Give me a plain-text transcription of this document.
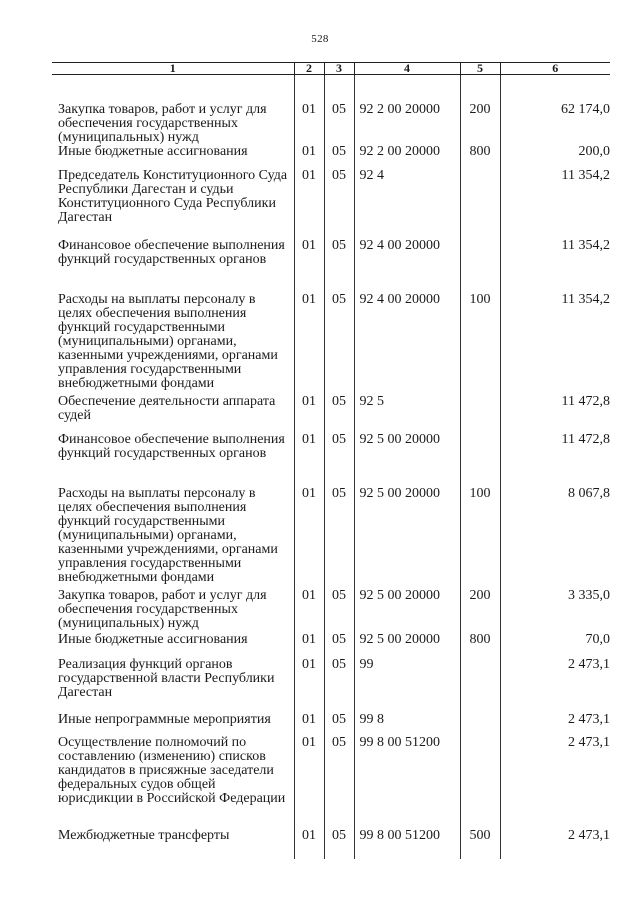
528
1	2	3	4	5	6
Закупка товаров, работ и услуг для обеспечения государственных (муниципальных) нужд	01	05	92 2 00 20000	200	62 174,0
Иные бюджетные ассигнования	01	05	92 2 00 20000	800	200,0
Председатель Конституционного Суда Республики Дагестан и судьи Конституционного Суда Республики Дагестан	01	05	92 4		11 354,2
Финансовое обеспечение выполнения функций государственных органов	01	05	92 4 00 20000		11 354,2
Расходы на выплаты персоналу в целях обеспечения выполнения функций государственными (муниципальными) органами, казенными учреждениями, органами управления государственными внебюджетными фондами	01	05	92 4 00 20000	100	11 354,2
Обеспечение деятельности аппарата судей	01	05	92 5		11 472,8
Финансовое обеспечение выполнения функций государственных органов	01	05	92 5 00 20000		11 472,8
Расходы на выплаты персоналу в целях обеспечения выполнения функций государственными (муниципальными) органами, казенными учреждениями, органами управления государственными внебюджетными фондами	01	05	92 5 00 20000	100	8 067,8
Закупка товаров, работ и услуг для обеспечения государственных (муниципальных) нужд	01	05	92 5 00 20000	200	3 335,0
Иные бюджетные ассигнования	01	05	92 5 00 20000	800	70,0
Реализация функций органов государственной власти Республики Дагестан	01	05	99		2 473,1
Иные непрограммные мероприятия	01	05	99 8		2 473,1
Осуществление полномочий по составлению (изменению) списков кандидатов в присяжные заседатели федеральных судов общей юрисдикции в Российской Федерации	01	05	99 8 00 51200		2 473,1
Межбюджетные трансферты	01	05	99 8 00 51200	500	2 473,1
